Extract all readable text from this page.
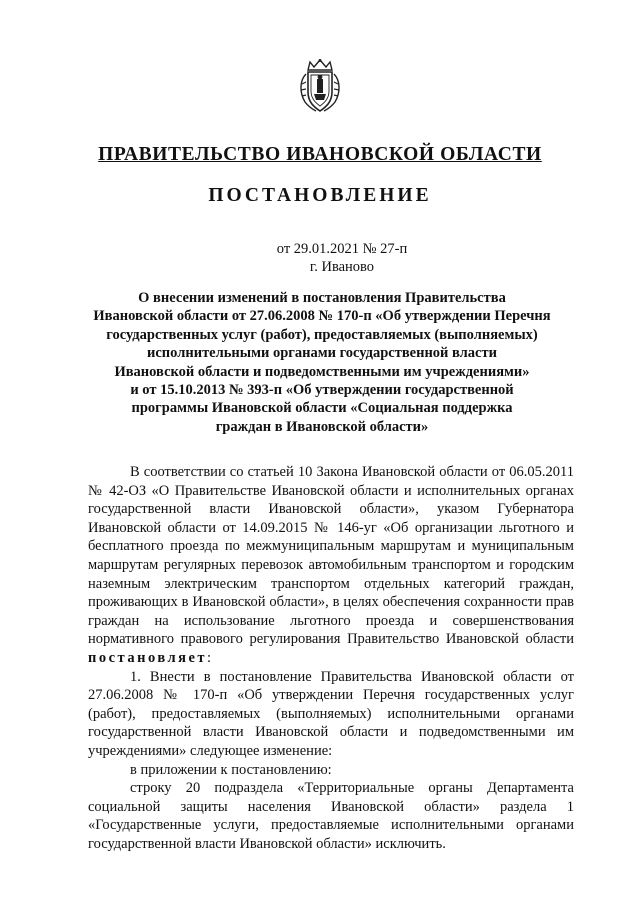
ПРАВИТЕЛЬСТВО ИВАНОВСКОЙ ОБЛАСТИ
ПОСТАНОВЛЕНИЕ
от 29.01.2021 № 27-п
г. Иваново
О внесении изменений в постановления Правительства
Ивановской области от 27.06.2008 № 170-п «Об утверждении Перечня
государственных услуг (работ), предоставляемых (выполняемых)
исполнительными органами государственной власти
Ивановской области и подведомственными им учреждениями»
и от 15.10.2013 № 393-п «Об утверждении государственной
программы Ивановской области «Социальная поддержка
граждан в Ивановской области»

В соответствии со статьей 10 Закона Ивановской области от 06.05.2011 № 42-ОЗ «О Правительстве Ивановской области и исполнительных органах государственной власти Ивановской области», указом Губернатора Ивановской области от 14.09.2015 № 146-уг «Об организации льготного и бесплатного проезда по межмуниципальным маршрутам и муниципальным маршрутам регулярных перевозок автомобильным транспортом и городским наземным электрическим транспортом отдельных категорий граждан, проживающих в Ивановской области», в целях обеспечения сохранности прав граждан на использование льготного проезда и совершенствования нормативного правового регулирования Правительство Ивановской области постановляет:

1. Внести в постановление Правительства Ивановской области от 27.06.2008 № 170-п «Об утверждении Перечня государственных услуг (работ), предоставляемых (выполняемых) исполнительными органами государственной власти Ивановской области и подведомственными им учреждениями» следующее изменение:

в приложении к постановлению:

строку 20 подраздела «Территориальные органы Департамента социальной защиты населения Ивановской области» раздела 1 «Государственные услуги, предоставляемые исполнительными органами государственной власти Ивановской области» исключить.
